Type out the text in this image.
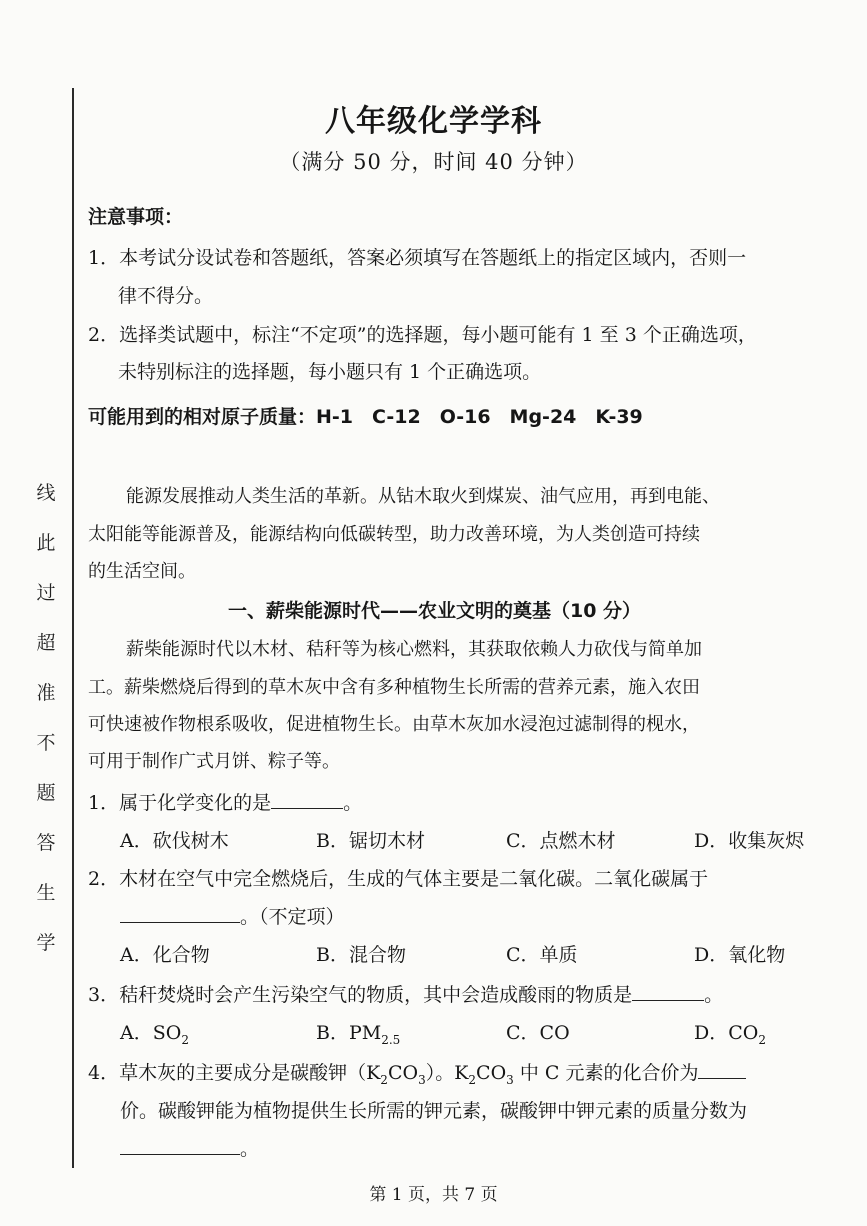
线
此
过
超
准
不
题
答
生
学
八年级化学学科
（满分 50 分，时间 40 分钟）
注意事项：
1．本考试分设试卷和答题纸，答案必须填写在答题纸上的指定区域内，否则一
律不得分。
2．选择类试题中，标注“不定项”的选择题，每小题可能有 1 至 3 个正确选项，
未特别标注的选择题，每小题只有 1 个正确选项。
可能用到的相对原子质量：H-1　C-12　O-16　Mg-24　K-39
能源发展推动人类生活的革新。从钻木取火到煤炭、油气应用，再到电能、
太阳能等能源普及，能源结构向低碳转型，助力改善环境，为人类创造可持续
的生活空间。
一、薪柴能源时代——农业文明的奠基（10 分）
薪柴能源时代以木材、秸秆等为核心燃料，其获取依赖人力砍伐与简单加
工。薪柴燃烧后得到的草木灰中含有多种植物生长所需的营养元素，施入农田
可快速被作物根系吸收，促进植物生长。由草木灰加水浸泡过滤制得的枧水，
可用于制作广式月饼、粽子等。
1．属于化学变化的是	。
A．砍伐树木	B．锯切木材	C．点燃木材	D．收集灰烬
2．木材在空气中完全燃烧后，生成的气体主要是二氧化碳。二氧化碳属于
。（不定项）
A．化合物	B．混合物	C．单质	D．氧化物
3．秸秆焚烧时会产生污染空气的物质，其中会造成酸雨的物质是	。
A．$SO_2$	B．$PM_{2.5}$	C．CO	D．$CO_2$
4．草木灰的主要成分是碳酸钾$(K_2CO_3)$。$K_2CO_3$ 中 C 元素的化合价为
价。碳酸钾能为植物提供生长所需的钾元素，碳酸钾中钾元素的质量分数为
。
第 1 页，共 7 页
